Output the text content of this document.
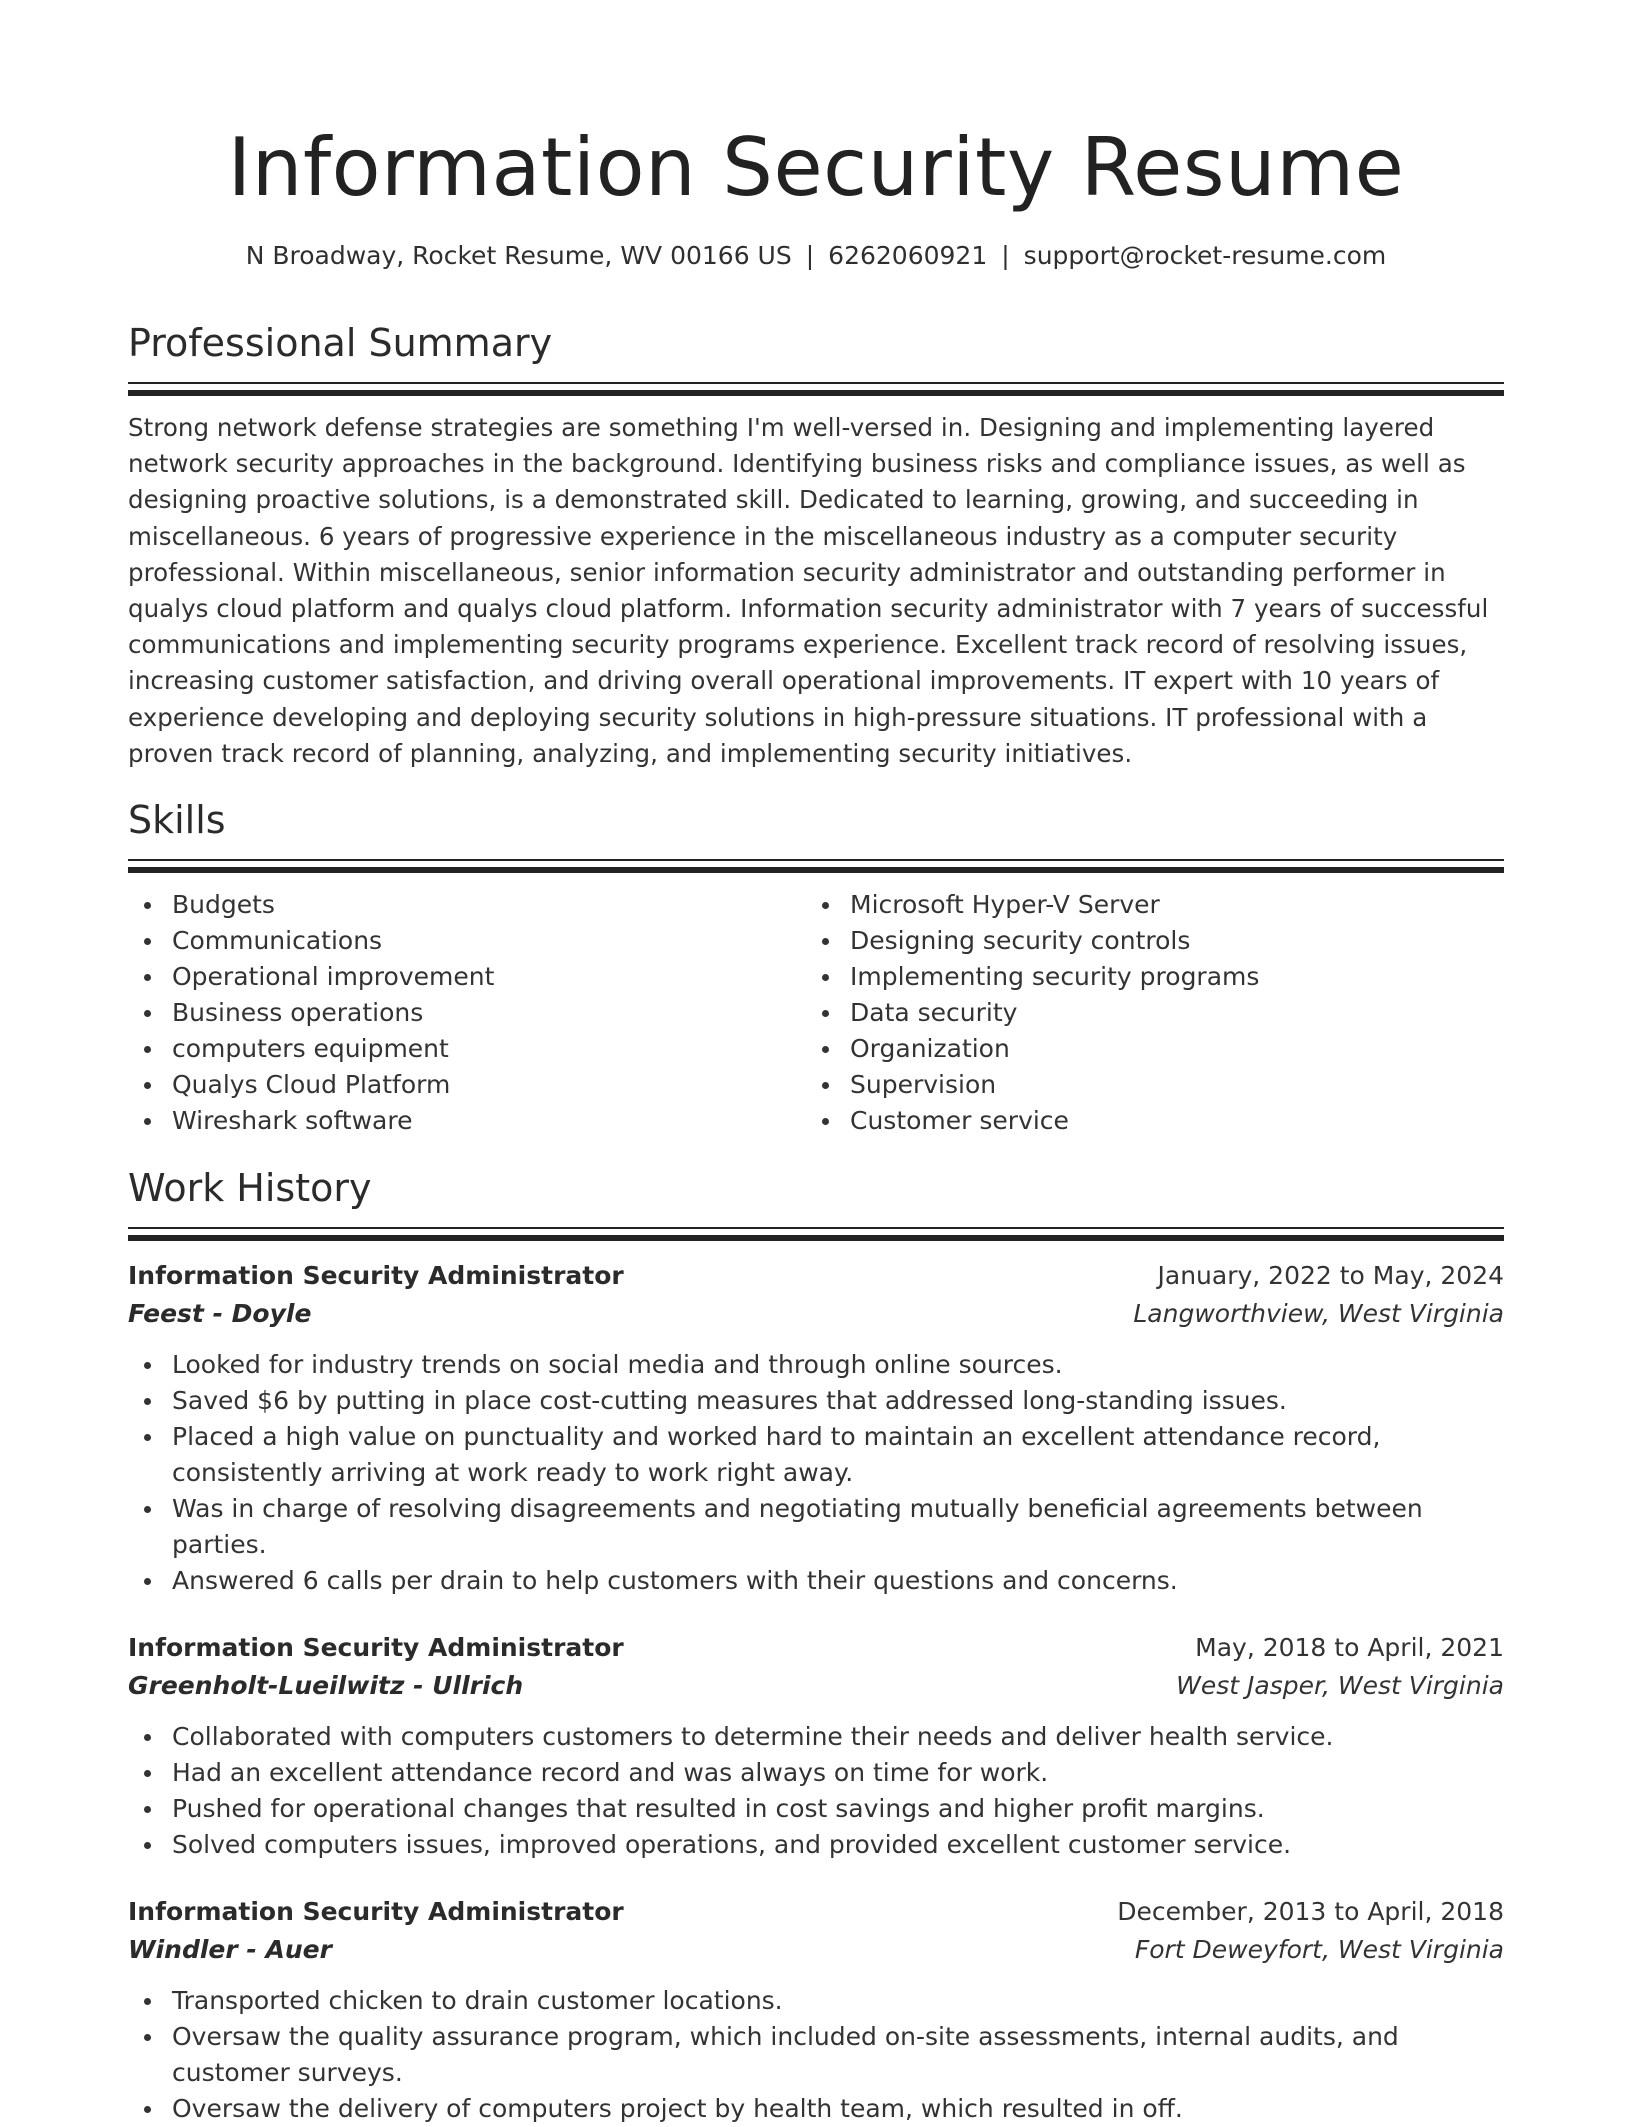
Information Security Resume
N Broadway, Rocket Resume, WV 00166 US | 6262060921 | support@rocket-resume.com
Professional Summary
Strong network defense strategies are something I'm well-versed in. Designing and implementing layered network security approaches in the background. Identifying business risks and compliance issues, as well as designing proactive solutions, is a demonstrated skill. Dedicated to learning, growing, and succeeding in miscellaneous. 6 years of progressive experience in the miscellaneous industry as a computer security professional. Within miscellaneous, senior information security administrator and outstanding performer in qualys cloud platform and qualys cloud platform. Information security administrator with 7 years of successful communications and implementing security programs experience. Excellent track record of resolving issues, increasing customer satisfaction, and driving overall operational improvements. IT expert with 10 years of experience developing and deploying security solutions in high-pressure situations. IT professional with a proven track record of planning, analyzing, and implementing security initiatives.
Skills
Budgets
Communications
Operational improvement
Business operations
computers equipment
Qualys Cloud Platform
Wireshark software
Microsoft Hyper-V Server
Designing security controls
Implementing security programs
Data security
Organization
Supervision
Customer service
Work History
Information Security Administrator	January, 2022 to May, 2024
Feest - Doyle	Langworthview, West Virginia
Looked for industry trends on social media and through online sources.
Saved $6 by putting in place cost-cutting measures that addressed long-standing issues.
Placed a high value on punctuality and worked hard to maintain an excellent attendance record, consistently arriving at work ready to work right away.
Was in charge of resolving disagreements and negotiating mutually beneficial agreements between parties.
Answered 6 calls per drain to help customers with their questions and concerns.
Information Security Administrator	May, 2018 to April, 2021
Greenholt-Lueilwitz - Ullrich	West Jasper, West Virginia
Collaborated with computers customers to determine their needs and deliver health service.
Had an excellent attendance record and was always on time for work.
Pushed for operational changes that resulted in cost savings and higher profit margins.
Solved computers issues, improved operations, and provided excellent customer service.
Information Security Administrator	December, 2013 to April, 2018
Windler - Auer	Fort Deweyfort, West Virginia
Transported chicken to drain customer locations.
Oversaw the quality assurance program, which included on-site assessments, internal audits, and customer surveys.
Oversaw the delivery of computers project by health team, which resulted in off.
